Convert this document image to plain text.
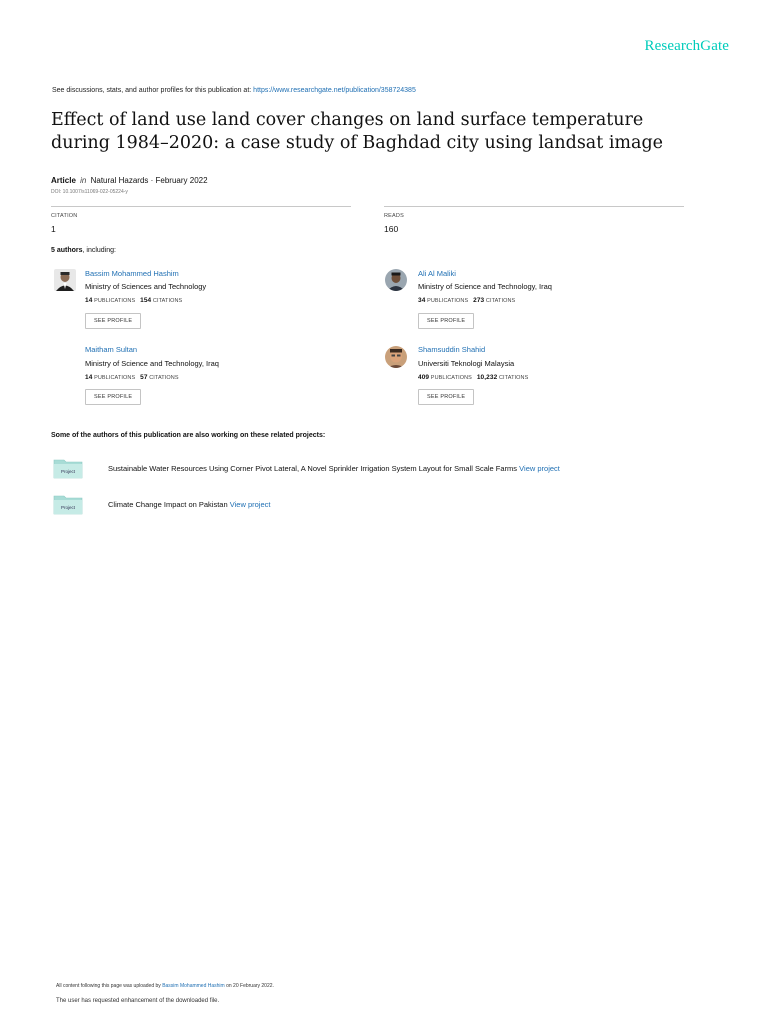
ResearchGate
See discussions, stats, and author profiles for this publication at: https://www.researchgate.net/publication/358724385
Effect of land use land cover changes on land surface temperature during 1984–2020: a case study of Baghdad city using landsat image
Article in Natural Hazards · February 2022
DOI: 10.1007/s11069-022-05224-y
CITATION
1
READS
160
5 authors, including:
Bassim Mohammed Hashim
Ministry of Sciences and Technology
14 PUBLICATIONS 154 CITATIONS
SEE PROFILE
Ali Al Maliki
Ministry of Science and Technology, Iraq
34 PUBLICATIONS 273 CITATIONS
SEE PROFILE
Maitham Sultan
Ministry of Science and Technology, Iraq
14 PUBLICATIONS 57 CITATIONS
SEE PROFILE
Shamsuddin Shahid
Universiti Teknologi Malaysia
409 PUBLICATIONS 10,232 CITATIONS
SEE PROFILE
Some of the authors of this publication are also working on these related projects:
Project	Sustainable Water Resources Using Corner Pivot Lateral, A Novel Sprinkler Irrigation System Layout for Small Scale Farms View project
Project	Climate Change Impact on Pakistan View project
All content following this page was uploaded by Bassim Mohammed Hashim on 20 February 2022.
The user has requested enhancement of the downloaded file.
